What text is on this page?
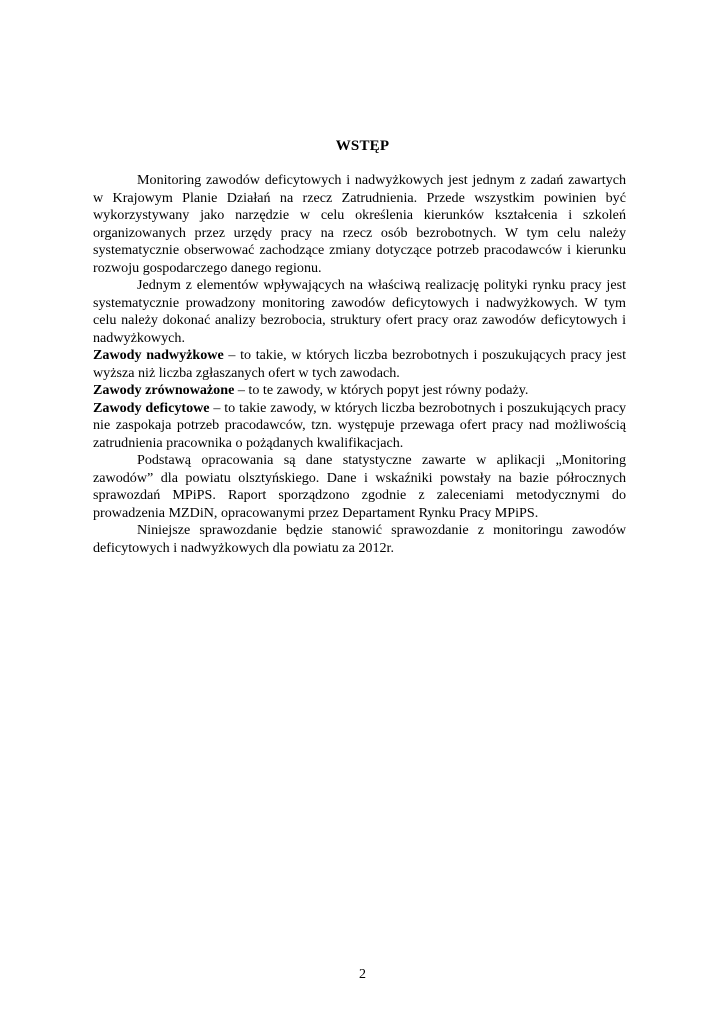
WSTĘP

Monitoring zawodów deficytowych i nadwyżkowych jest jednym z zadań zawartych w Krajowym Planie Działań na rzecz Zatrudnienia. Przede wszystkim powinien być wykorzystywany jako narzędzie w celu określenia kierunków kształcenia i szkoleń organizowanych przez urzędy pracy na rzecz osób bezrobotnych. W tym celu należy systematycznie obserwować zachodzące zmiany dotyczące potrzeb pracodawców i kierunku rozwoju gospodarczego danego regionu.

Jednym z elementów wpływających na właściwą realizację polityki rynku pracy jest systematycznie prowadzony monitoring zawodów deficytowych i nadwyżkowych. W tym celu należy dokonać analizy bezrobocia, struktury ofert pracy oraz zawodów deficytowych i nadwyżkowych.

Zawody nadwyżkowe – to takie, w których liczba bezrobotnych i poszukujących pracy jest wyższa niż liczba zgłaszanych ofert w tych zawodach.

Zawody zrównoważone – to te zawody, w których popyt jest równy podaży.

Zawody deficytowe – to takie zawody, w których liczba bezrobotnych i poszukujących pracy nie zaspokaja potrzeb pracodawców, tzn. występuje przewaga ofert pracy nad możliwością zatrudnienia pracownika o pożądanych kwalifikacjach.

Podstawą opracowania są dane statystyczne zawarte w aplikacji „Monitoring zawodów” dla powiatu olsztyńskiego. Dane i wskaźniki powstały na bazie półrocznych sprawozdań MPiPS. Raport sporządzono zgodnie z zaleceniami metodycznymi do prowadzenia MZDiN, opracowanymi przez Departament Rynku Pracy MPiPS.

Niniejsze sprawozdanie będzie stanowić sprawozdanie z monitoringu zawodów deficytowych i nadwyżkowych dla powiatu za 2012r.

2
